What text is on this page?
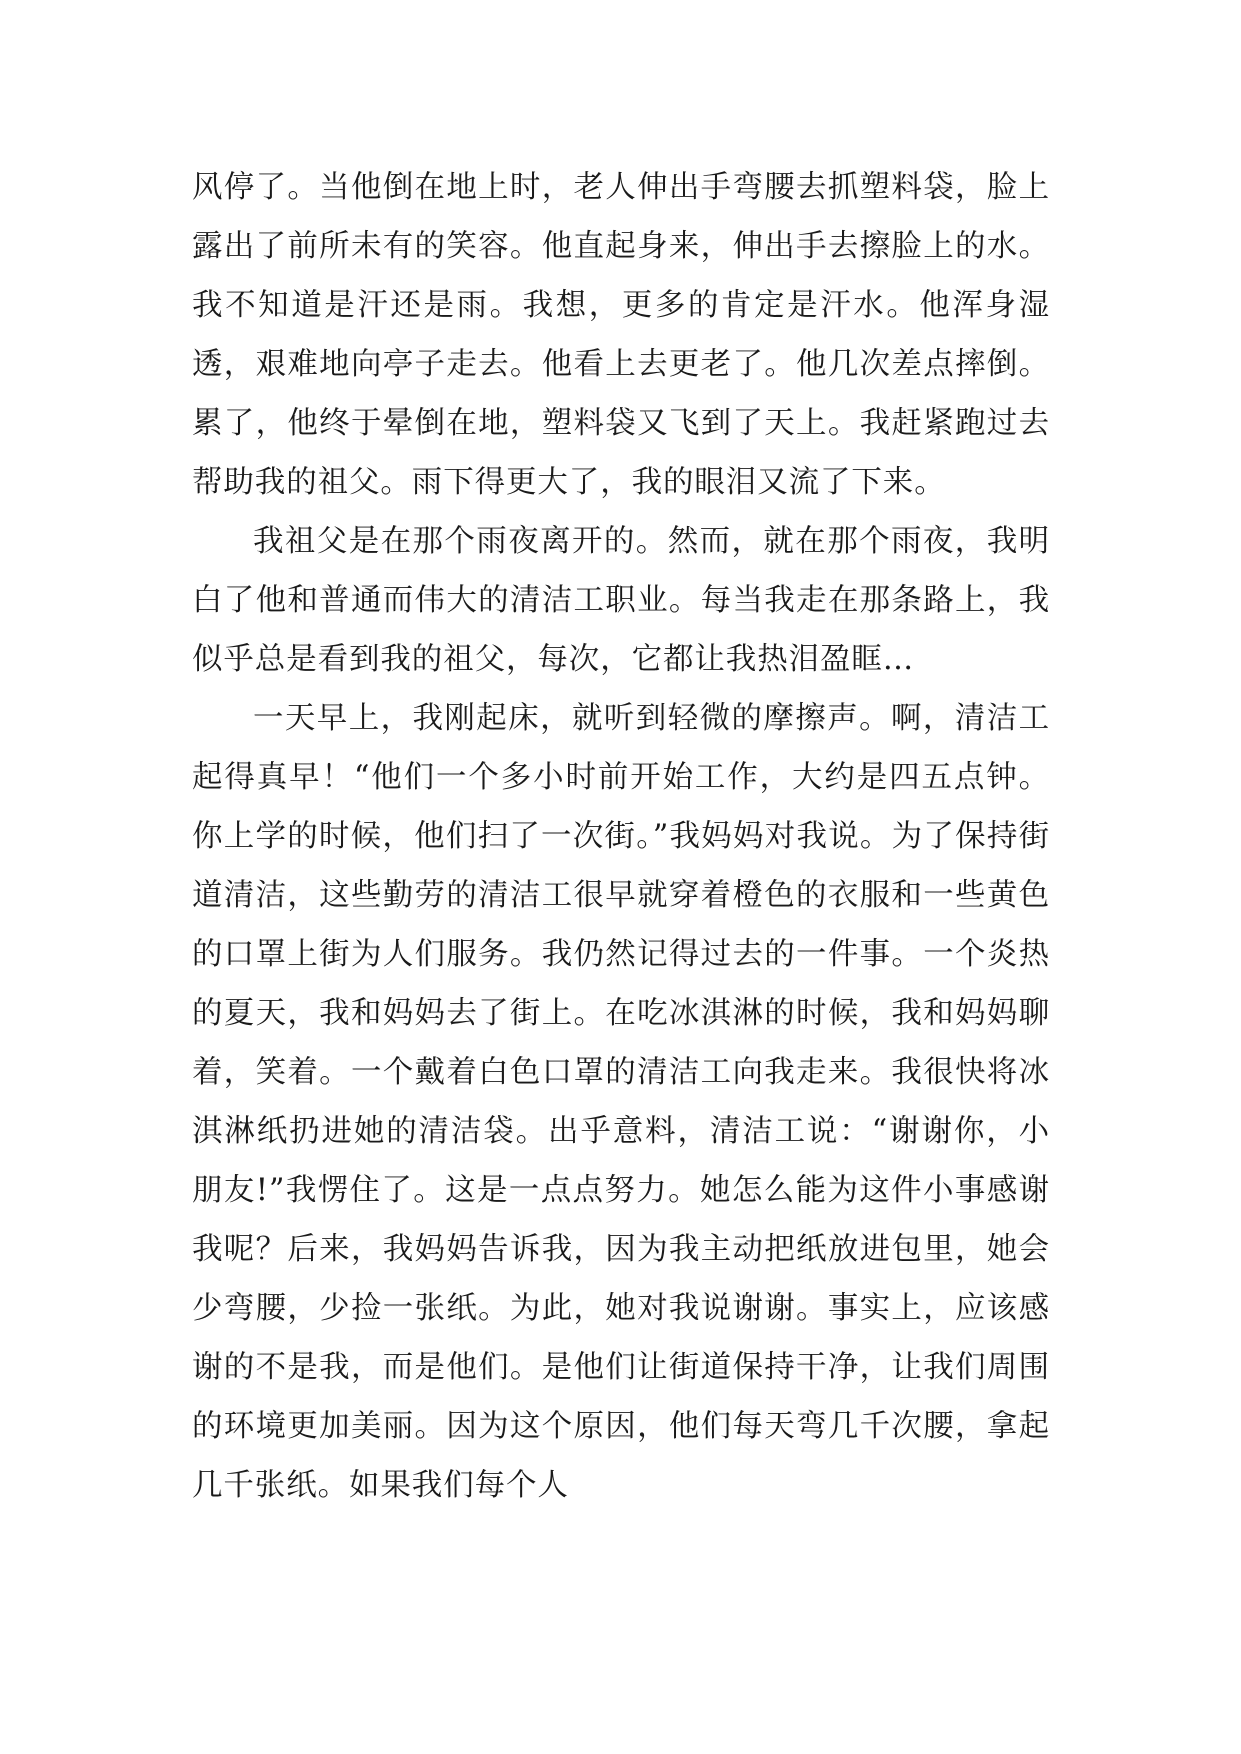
风停了。当他倒在地上时，老人伸出手弯腰去抓塑料袋，脸上露出了前所未有的笑容。他直起身来，伸出手去擦脸上的水。我不知道是汗还是雨。我想，更多的肯定是汗水。他浑身湿透，艰难地向亭子走去。他看上去更老了。他几次差点摔倒。累了，他终于晕倒在地，塑料袋又飞到了天上。我赶紧跑过去帮助我的祖父。雨下得更大了，我的眼泪又流了下来。

我祖父是在那个雨夜离开的。然而，就在那个雨夜，我明白了他和普通而伟大的清洁工职业。每当我走在那条路上，我似乎总是看到我的祖父，每次，它都让我热泪盈眶…

一天早上，我刚起床，就听到轻微的摩擦声。啊，清洁工起得真早！“他们一个多小时前开始工作，大约是四五点钟。你上学的时候，他们扫了一次街。”我妈妈对我说。为了保持街道清洁，这些勤劳的清洁工很早就穿着橙色的衣服和一些黄色的口罩上街为人们服务。我仍然记得过去的一件事。一个炎热的夏天，我和妈妈去了街上。在吃冰淇淋的时候，我和妈妈聊着，笑着。一个戴着白色口罩的清洁工向我走来。我很快将冰淇淋纸扔进她的清洁袋。出乎意料，清洁工说：“谢谢你，小朋友!”我愣住了。这是一点点努力。她怎么能为这件小事感谢我呢？后来，我妈妈告诉我，因为我主动把纸放进包里，她会少弯腰，少捡一张纸。为此，她对我说谢谢。事实上，应该感谢的不是我，而是他们。是他们让街道保持干净，让我们周围的环境更加美丽。因为这个原因，他们每天弯几千次腰，拿起几千张纸。如果我们每个人
